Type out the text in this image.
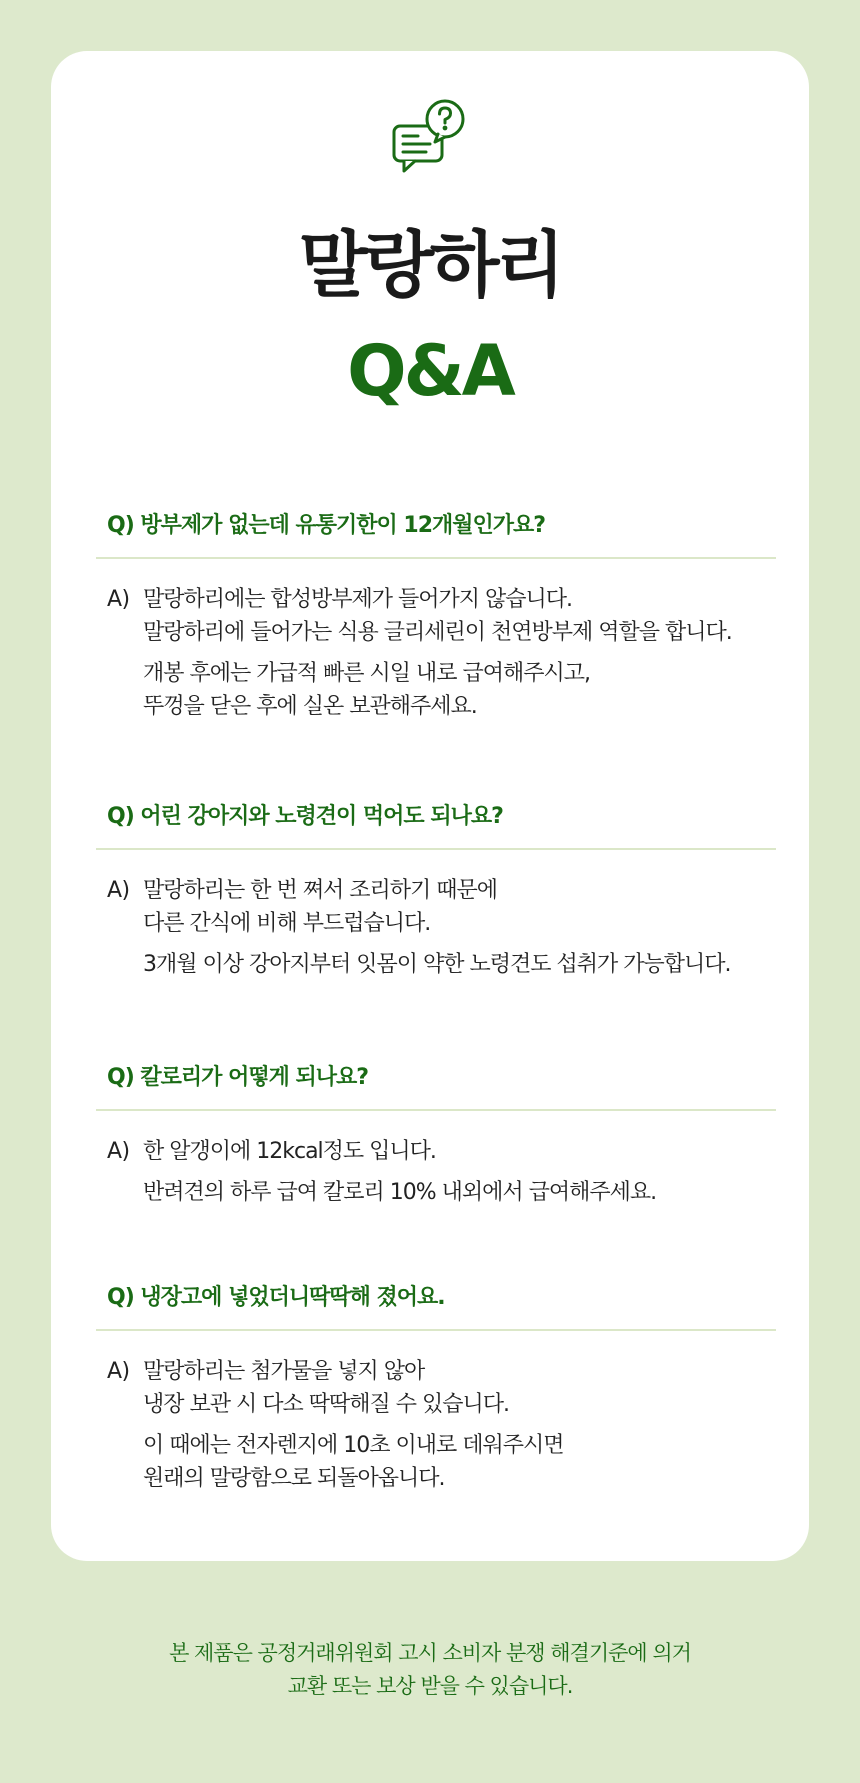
말랑하리
Q&A

Q) 방부제가 없는데 유통기한이 12개월인가요?

A) 말랑하리에는 합성방부제가 들어가지 않습니다.
말랑하리에 들어가는 식용 글리세린이 천연방부제 역할을 합니다.

개봉 후에는 가급적 빠른 시일 내로 급여해주시고,
뚜껑을 닫은 후에 실온 보관해주세요.

Q) 어린 강아지와 노령견이 먹어도 되나요?

A) 말랑하리는 한 번 쪄서 조리하기 때문에
다른 간식에 비해 부드럽습니다.

3개월 이상 강아지부터 잇몸이 약한 노령견도 섭취가 가능합니다.

Q) 칼로리가 어떻게 되나요?

A) 한 알갱이에 12kcal정도 입니다.

반려견의 하루 급여 칼로리 10% 내외에서 급여해주세요.

Q) 냉장고에 넣었더니딱딱해 졌어요.

A) 말랑하리는 첨가물을 넣지 않아
냉장 보관 시 다소 딱딱해질 수 있습니다.

이 때에는 전자렌지에 10초 이내로 데워주시면
원래의 말랑함으로 되돌아옵니다.

본 제품은 공정거래위원회 고시 소비자 분쟁 해결기준에 의거
교환 또는 보상 받을 수 있습니다.
